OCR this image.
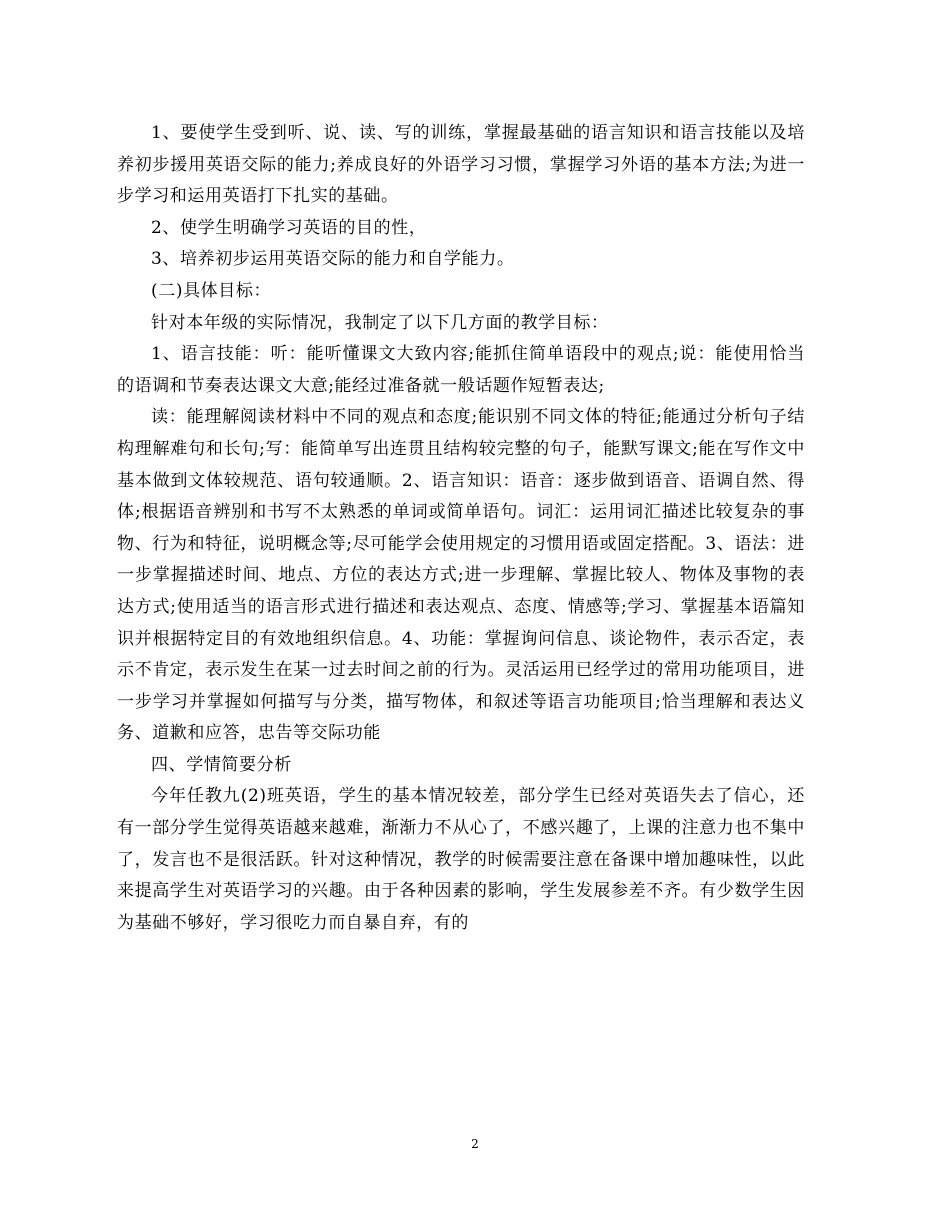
1、要使学生受到听、说、读、写的训练，掌握最基础的语言知识和语言技能以及培养初步援用英语交际的能力;养成良好的外语学习习惯，掌握学习外语的基本方法;为进一步学习和运用英语打下扎实的基础。

2、使学生明确学习英语的目的性，

3、培养初步运用英语交际的能力和自学能力。

(二)具体目标：

针对本年级的实际情况，我制定了以下几方面的教学目标：

1、语言技能：听：能听懂课文大致内容;能抓住简单语段中的观点;说：能使用恰当的语调和节奏表达课文大意;能经过准备就一般话题作短暂表达;

读：能理解阅读材料中不同的观点和态度;能识别不同文体的特征;能通过分析句子结构理解难句和长句;写：能简单写出连贯且结构较完整的句子，能默写课文;能在写作文中基本做到文体较规范、语句较通顺。2、语言知识：语音：逐步做到语音、语调自然、得体;根据语音辨别和书写不太熟悉的单词或简单语句。词汇：运用词汇描述比较复杂的事物、行为和特征，说明概念等;尽可能学会使用规定的习惯用语或固定搭配。3、语法：进一步掌握描述时间、地点、方位的表达方式;进一步理解、掌握比较人、物体及事物的表达方式;使用适当的语言形式进行描述和表达观点、态度、情感等;学习、掌握基本语篇知识并根据特定目的有效地组织信息。4、功能：掌握询问信息、谈论物件，表示否定，表示不肯定，表示发生在某一过去时间之前的行为。灵活运用已经学过的常用功能项目，进一步学习并掌握如何描写与分类，描写物体，和叙述等语言功能项目;恰当理解和表达义务、道歉和应答，忠告等交际功能

四、学情简要分析

今年任教九(2)班英语，学生的基本情况较差，部分学生已经对英语失去了信心，还有一部分学生觉得英语越来越难，渐渐力不从心了，不感兴趣了，上课的注意力也不集中了，发言也不是很活跃。针对这种情况，教学的时候需要注意在备课中增加趣味性，以此来提高学生对英语学习的兴趣。由于各种因素的影响，学生发展参差不齐。有少数学生因为基础不够好，学习很吃力而自暴自弃，有的

2
